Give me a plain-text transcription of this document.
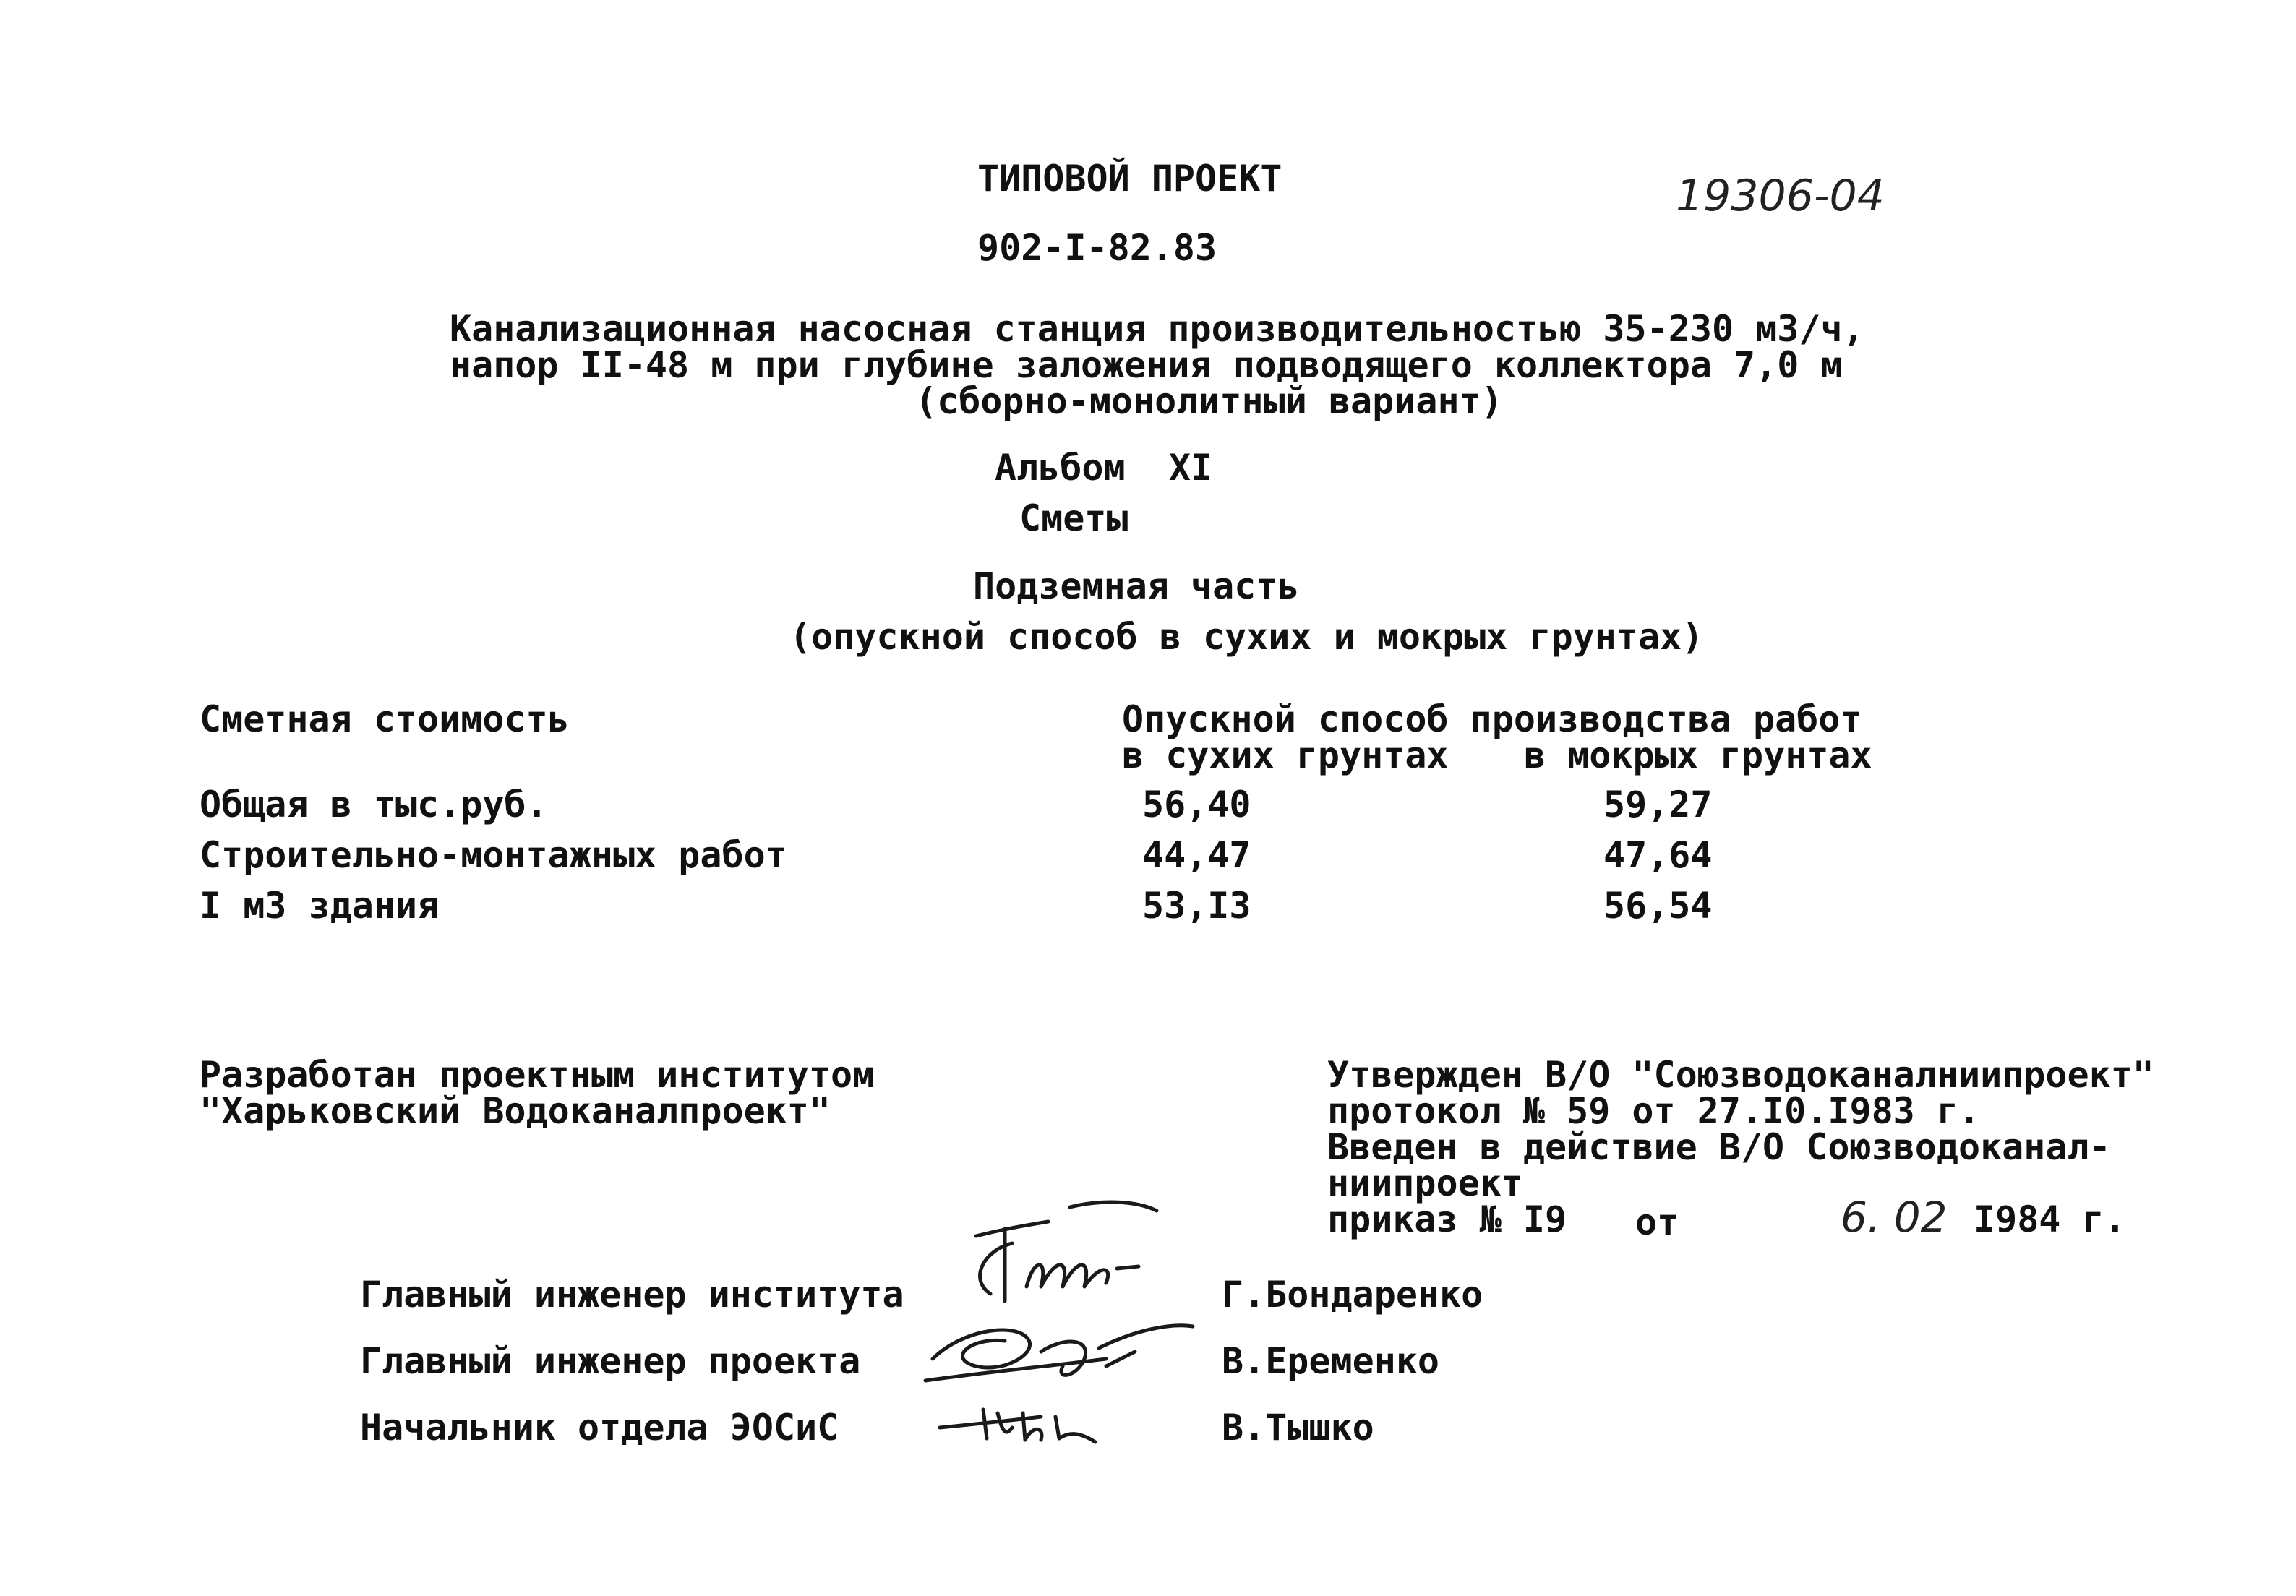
ТИПОВОЙ ПРОЕКТ
902-I-82.83
19306-04
Канализационная насосная станция производительностью 35-230 м3/ч,
напор II-48 м при глубине заложения подводящего коллектора 7,0 м
(сборно-монолитный вариант)
Альбом  XI
Сметы
Подземная часть
(опускной способ в сухих и мокрых грунтах)
Сметная стоимость	Опускной способ производства работ
в сухих грунтах в мокрых грунтах
Общая в тыс.руб.	56,40	59,27
Строительно-монтажных работ	44,47	47,64
I м3 здания	53,I3	56,54
Разработан проектным институтом
"Харьковский Водоканалпроект"
Утвержден В/О "Союзводоканалниипроект"
протокол № 59 от 27.I0.I983 г.
Введен в действие В/О Союзводоканал-
ниипроект
приказ № I9 от	6. 02 I984 г.
Главный инженер института	Г.Бондаренко
Главный инженер проекта	В.Еременко
Начальник отдела ЭОСиС	В.Тышко
